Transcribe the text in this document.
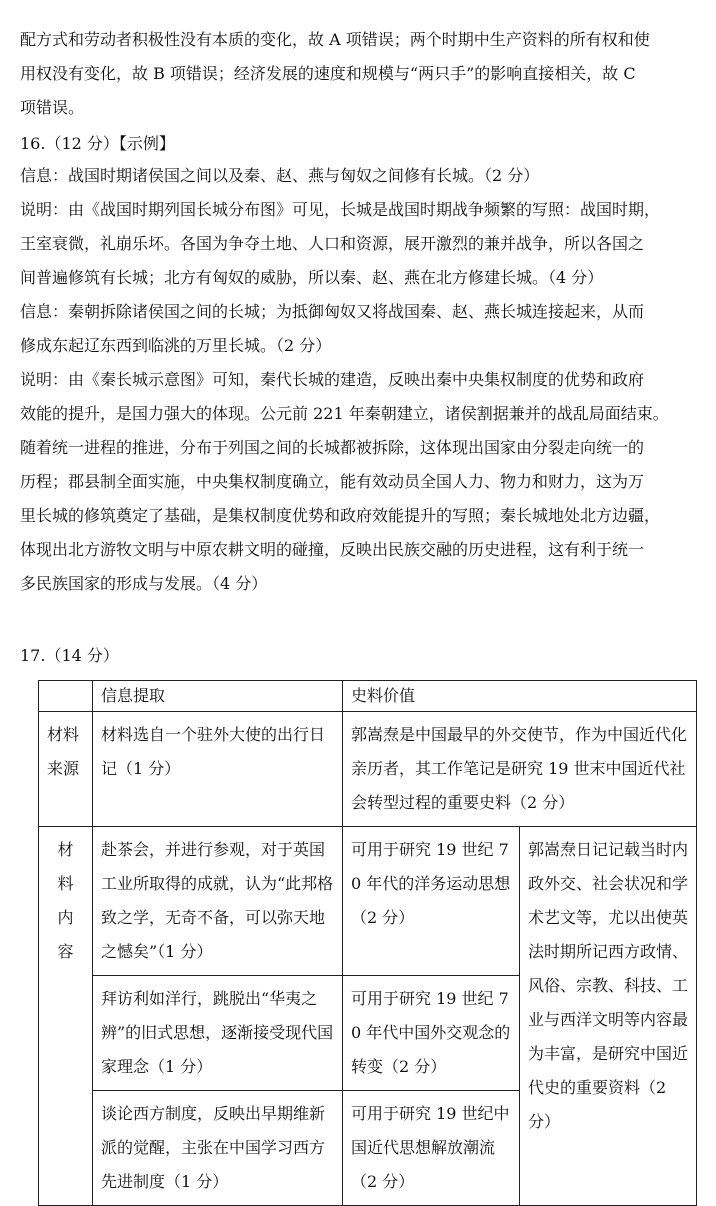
配方式和劳动者积极性没有本质的变化，故 A 项错误；两个时期中生产资料的所有权和使
用权没有变化，故 B 项错误；经济发展的速度和规模与“两只手”的影响直接相关，故 C
项错误。
16.（12 分）【示例】
信息：战国时期诸侯国之间以及秦、赵、燕与匈奴之间修有长城。（2 分）
说明：由《战国时期列国长城分布图》可见，长城是战国时期战争频繁的写照：战国时期，
王室衰微，礼崩乐坏。各国为争夺土地、人口和资源，展开激烈的兼并战争，所以各国之
间普遍修筑有长城；北方有匈奴的威胁，所以秦、赵、燕在北方修建长城。（4 分）
信息：秦朝拆除诸侯国之间的长城；为抵御匈奴又将战国秦、赵、燕长城连接起来，从而
修成东起辽东西到临洮的万里长城。（2 分）
说明：由《秦长城示意图》可知，秦代长城的建造，反映出秦中央集权制度的优势和政府
效能的提升，是国力强大的体现。公元前 221 年秦朝建立，诸侯割据兼并的战乱局面结束。
随着统一进程的推进，分布于列国之间的长城都被拆除，这体现出国家由分裂走向统一的
历程；郡县制全面实施，中央集权制度确立，能有效动员全国人力、物力和财力，这为万
里长城的修筑奠定了基础，是集权制度优势和政府效能提升的写照；秦长城地处北方边疆，
体现出北方游牧文明与中原农耕文明的碰撞，反映出民族交融的历史进程，这有利于统一
多民族国家的形成与发展。（4 分）
17.（14 分）
	信息提取	史料价值	

材料来源	材料选自一个驻外大使的出行日记（1 分）	郭嵩焘是中国最早的外交使节，作为中国近代化亲历者，其工作笔记是研究 19 世末中国近代社会转型过程的重要史料（2 分）	

材料内容	赴茶会，并进行参观，对于英国工业所取得的成就，认为“此邦格致之学，无奇不备，可以弥天地之憾矣”（1 分）	可用于研究 19 世纪 70 年代的洋务运动思想（2 分）	郭嵩焘日记记载当时内政外交、社会状况和学术艺文等，尤以出使英法时期所记西方政情、风俗、宗教、科技、工业与西洋文明等内容最为丰富，是研究中国近代史的重要资料（2 分）

	拜访利如洋行，跳脱出“华夷之辨”的旧式思想，逐渐接受现代国家理念（1 分）	可用于研究 19 世纪 70 年代中国外交观念的转变（2 分）	

	谈论西方制度，反映出早期维新派的觉醒，主张在中国学习西方先进制度（1 分）	可用于研究 19 世纪中国近代思想解放潮流（2 分）	
